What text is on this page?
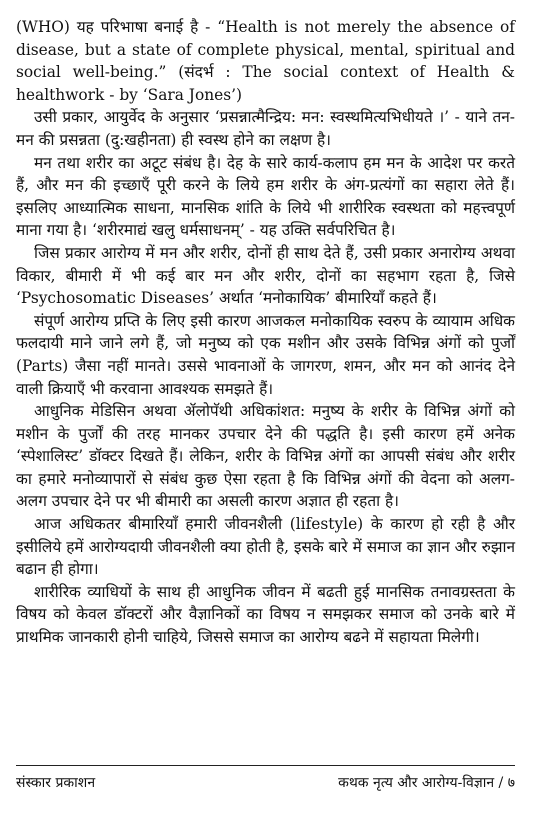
(WHO) यह परिभाषा बनाई है - “Health is not merely the absence of disease, but a state of complete physical, mental, spiritual and social well-being.” (संदर्भ : The social context of Health & healthwork - by ‘Sara Jones’)

उसी प्रकार, आयुर्वेद के अनुसार ‘प्रसन्नात्मैन्द्रिय: मन: स्वस्थमित्यभिधीयते ।’ - याने तन-मन की प्रसन्नता (दु:खहीनता) ही स्वस्थ होने का लक्षण है।

मन तथा शरीर का अटूट संबंध है। देह के सारे कार्य-कलाप हम मन के आदेश पर करते हैं, और मन की इच्छाएँ पूरी करने के लिये हम शरीर के अंग-प्रत्यंगों का सहारा लेते हैं। इसलिए आध्यात्मिक साधना, मानसिक शांति के लिये भी शारीरिक स्वस्थता को महत्त्वपूर्ण माना गया है। ‘शरीरमाद्यं खलु धर्मसाधनम्’ - यह उक्ति सर्वपरिचित है।

जिस प्रकार आरोग्य में मन और शरीर, दोनों ही साथ देते हैं, उसी प्रकार अनारोग्य अथवा विकार, बीमारी में भी कई बार मन और शरीर, दोनों का सहभाग रहता है, जिसे ‘Psychosomatic Diseases’ अर्थात ‘मनोकायिक’ बीमारियाँ कहते हैं।

संपूर्ण आरोग्य प्रप्ति के लिए इसी कारण आजकल मनोकायिक स्वरुप के व्यायाम अधिक फलदायी माने जाने लगे हैं, जो मनुष्य को एक मशीन और उसके विभिन्न अंगों को पुर्जों (Parts) जैसा नहीं मानते। उससे भावनाओं के जागरण, शमन, और मन को आनंद देने वाली क्रियाएँ भी करवाना आवश्यक समझते हैं।

आधुनिक मेडिसिन अथवा ॲलोपॅथी अधिकांशत: मनुष्य के शरीर के विभिन्न अंगों को मशीन के पुर्जों की तरह मानकर उपचार देने की पद्धति है। इसी कारण हमें अनेक ‘स्पेशालिस्ट’ डॉक्टर दिखते हैं। लेकिन, शरीर के विभिन्न अंगों का आपसी संबंध और शरीर का हमारे मनोव्यापारों से संबंध कुछ ऐसा रहता है कि विभिन्न अंगों की वेदना को अलग-अलग उपचार देने पर भी बीमारी का असली कारण अज्ञात ही रहता है।

आज अधिकतर बीमारियाँ हमारी जीवनशैली (lifestyle) के कारण हो रही है और इसीलिये हमें आरोग्यदायी जीवनशैली क्या होती है, इसके बारे में समाज का ज्ञान और रुझान बढान ही होगा।

शारीरिक व्याधियों के साथ ही आधुनिक जीवन में बढती हुई मानसिक तनावग्रस्तता के विषय को केवल डॉक्टरों और वैज्ञानिकों का विषय न समझकर समाज को उनके बारे में प्राथमिक जानकारी होनी चाहिये, जिससे समाज का आरोग्य बढने में सहायता मिलेगी।

संस्कार प्रकाशन	कथक नृत्य और आरोग्य-विज्ञान / ७
